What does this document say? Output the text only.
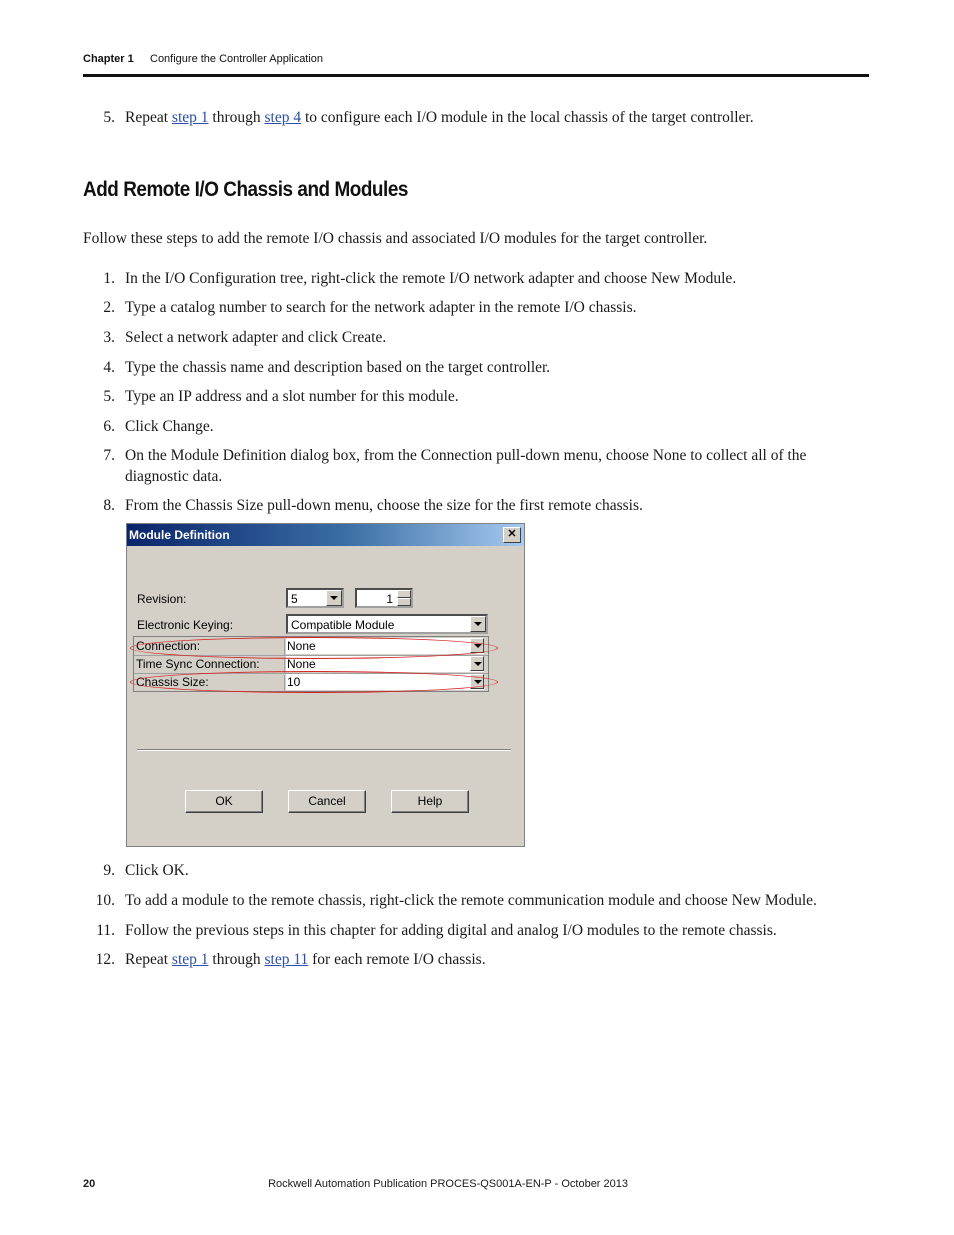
Chapter 1 Configure the Controller Application
5. Repeat step 1 through step 4 to configure each I/O module in the local chassis of the target controller.
Add Remote I/O Chassis and Modules
Follow these steps to add the remote I/O chassis and associated I/O modules for the target controller.
1. In the I/O Configuration tree, right-click the remote I/O network adapter and choose New Module.
2. Type a catalog number to search for the network adapter in the remote I/O chassis.
3. Select a network adapter and click Create.
4. Type the chassis name and description based on the target controller.
5. Type an IP address and a slot number for this module.
6. Click Change.
7. On the Module Definition dialog box, from the Connection pull-down menu, choose None to collect all of the diagnostic data.
8. From the Chassis Size pull-down menu, choose the size for the first remote chassis.
Module Definition	✕
Revision:	5	1
Electronic Keying:	Compatible Module
Connection:	None
Time Sync Connection:	None
Chassis Size:	10
OK	Cancel	Help
9. Click OK.
10. To add a module to the remote chassis, right-click the remote communication module and choose New Module.
11. Follow the previous steps in this chapter for adding digital and analog I/O modules to the remote chassis.
12. Repeat step 1 through step 11 for each remote I/O chassis.
20	Rockwell Automation Publication PROCES-QS001A-EN-P - October 2013
